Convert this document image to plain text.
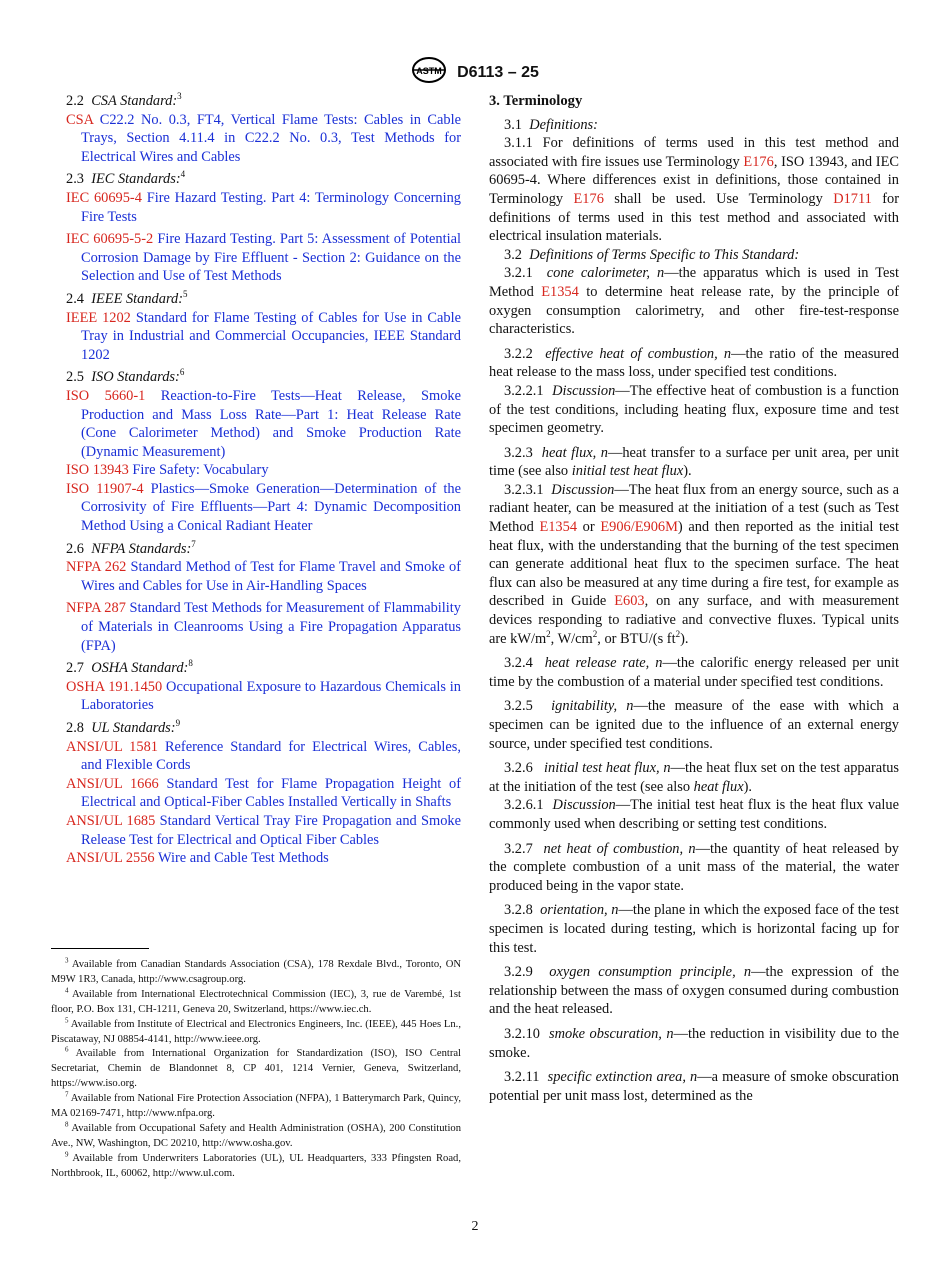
ASTM D6113 – 25

2.2 CSA Standard:$^3$

CSA C22.2 No. 0.3, FT4, Vertical Flame Tests: Cables in Cable Trays, Section 4.11.4 in C22.2 No. 0.3, Test Methods for Electrical Wires and Cables

2.3 IEC Standards:$^4$

IEC 60695-4 Fire Hazard Testing. Part 4: Terminology Concerning Fire Tests

IEC 60695-5-2 Fire Hazard Testing. Part 5: Assessment of Potential Corrosion Damage by Fire Effluent - Section 2: Guidance on the Selection and Use of Test Methods

2.4 IEEE Standard:$^5$

IEEE 1202 Standard for Flame Testing of Cables for Use in Cable Tray in Industrial and Commercial Occupancies, IEEE Standard 1202

2.5 ISO Standards:$^6$

ISO 5660-1 Reaction-to-Fire Tests—Heat Release, Smoke Production and Mass Loss Rate—Part 1: Heat Release Rate (Cone Calorimeter Method) and Smoke Production Rate (Dynamic Measurement)

ISO 13943 Fire Safety: Vocabulary

ISO 11907-4 Plastics—Smoke Generation—Determination of the Corrosivity of Fire Effluents—Part 4: Dynamic Decomposition Method Using a Conical Radiant Heater

2.6 NFPA Standards:$^7$

NFPA 262 Standard Method of Test for Flame Travel and Smoke of Wires and Cables for Use in Air-Handling Spaces

NFPA 287 Standard Test Methods for Measurement of Flammability of Materials in Cleanrooms Using a Fire Propagation Apparatus (FPA)

2.7 OSHA Standard:$^8$

OSHA 191.1450 Occupational Exposure to Hazardous Chemicals in Laboratories

2.8 UL Standards:$^9$

ANSI/UL 1581 Reference Standard for Electrical Wires, Cables, and Flexible Cords

ANSI/UL 1666 Standard Test for Flame Propagation Height of Electrical and Optical-Fiber Cables Installed Vertically in Shafts

ANSI/UL 1685 Standard Vertical Tray Fire Propagation and Smoke Release Test for Electrical and Optical Fiber Cables

ANSI/UL 2556 Wire and Cable Test Methods

$^3$ Available from Canadian Standards Association (CSA), 178 Rexdale Blvd., Toronto, ON M9W 1R3, Canada, http://www.csagroup.org.

$^4$ Available from International Electrotechnical Commission (IEC), 3, rue de Varembé, 1st floor, P.O. Box 131, CH-1211, Geneva 20, Switzerland, https://www.iec.ch.

$^5$ Available from Institute of Electrical and Electronics Engineers, Inc. (IEEE), 445 Hoes Ln., Piscataway, NJ 08854-4141, http://www.ieee.org.

$^6$ Available from International Organization for Standardization (ISO), ISO Central Secretariat, Chemin de Blandonnet 8, CP 401, 1214 Vernier, Geneva, Switzerland, https://www.iso.org.

$^7$ Available from National Fire Protection Association (NFPA), 1 Batterymarch Park, Quincy, MA 02169-7471, http://www.nfpa.org.

$^8$ Available from Occupational Safety and Health Administration (OSHA), 200 Constitution Ave., NW, Washington, DC 20210, http://www.osha.gov.

$^9$ Available from Underwriters Laboratories (UL), UL Headquarters, 333 Pfingsten Road, Northbrook, IL, 60062, http://www.ul.com.

3. Terminology

3.1 Definitions:

3.1.1 For definitions of terms used in this test method and associated with fire issues use Terminology E176, ISO 13943, and IEC 60695-4. Where differences exist in definitions, those contained in Terminology E176 shall be used. Use Terminology D1711 for definitions of terms used in this test method and associated with electrical insulation materials.

3.2 Definitions of Terms Specific to This Standard:

3.2.1 cone calorimeter, n—the apparatus which is used in Test Method E1354 to determine heat release rate, by the principle of oxygen consumption calorimetry, and other fire-test-response characteristics.

3.2.2 effective heat of combustion, n—the ratio of the measured heat release to the mass loss, under specified test conditions.

3.2.2.1 Discussion—The effective heat of combustion is a function of the test conditions, including heating flux, exposure time and test specimen geometry.

3.2.3 heat flux, n—heat transfer to a surface per unit area, per unit time (see also initial test heat flux).

3.2.3.1 Discussion—The heat flux from an energy source, such as a radiant heater, can be measured at the initiation of a test (such as Test Method E1354 or E906/E906M) and then reported as the initial test heat flux, with the understanding that the burning of the test specimen can generate additional heat flux to the specimen surface. The heat flux can also be measured at any time during a fire test, for example as described in Guide E603, on any surface, and with measurement devices responding to radiative and convective fluxes. Typical units are $kW/m^2$, $W/cm^2$, or BTU/(s $ft^2$).

3.2.4 heat release rate, n—the calorific energy released per unit time by the combustion of a material under specified test conditions.

3.2.5 ignitability, n—the measure of the ease with which a specimen can be ignited due to the influence of an external energy source, under specified test conditions.

3.2.6 initial test heat flux, n—the heat flux set on the test apparatus at the initiation of the test (see also heat flux).

3.2.6.1 Discussion—The initial test heat flux is the heat flux value commonly used when describing or setting test conditions.

3.2.7 net heat of combustion, n—the quantity of heat released by the complete combustion of a unit mass of the material, the water produced being in the vapor state.

3.2.8 orientation, n—the plane in which the exposed face of the test specimen is located during testing, which is horizontal facing up for this test.

3.2.9 oxygen consumption principle, n—the expression of the relationship between the mass of oxygen consumed during combustion and the heat released.

3.2.10 smoke obscuration, n—the reduction in visibility due to the smoke.

3.2.11 specific extinction area, n—a measure of smoke obscuration potential per unit mass lost, determined as the

2
